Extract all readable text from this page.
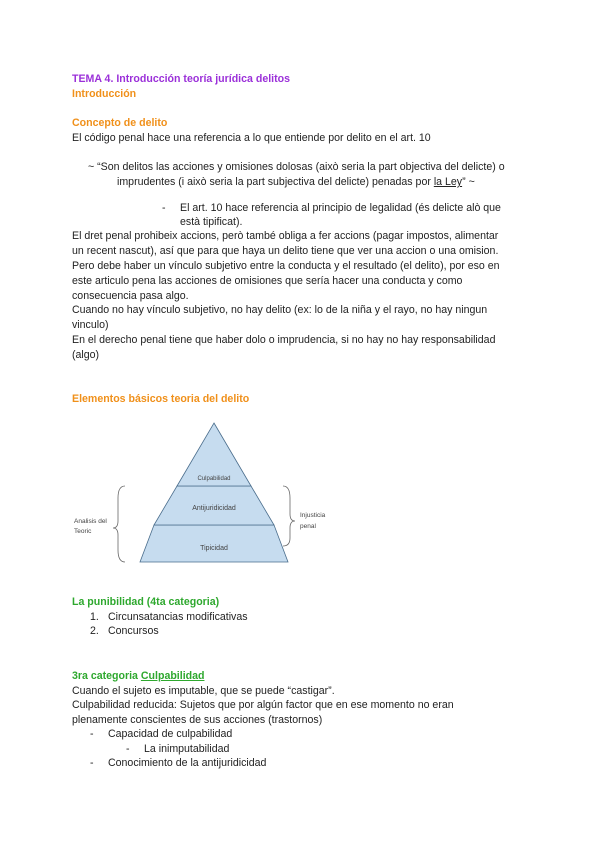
TEMA 4. Introducción teoría jurídica delitos
Introducción
Concepto de delito
El código penal hace una referencia a lo que entiende por delito en el art. 10
~ “Son delitos las acciones y omisiones dolosas (això seria la part objectiva del delicte) o
imprudentes (i això seria la part subjectiva del delicte) penadas por la Ley” ~
- El art. 10 hace referencia al principio de legalidad (és delicte alò que
està tipificat).
El dret penal prohibeix accions, però també obliga a fer accions (pagar impostos, alimentar
un recent nascut), así que para que haya un delito tiene que ver una accion o una omision.
Pero debe haber un vínculo subjetivo entre la conducta y el resultado (el delito), por eso en
este articulo pena las acciones de omisiones que sería hacer una conducta y como
consecuencia pasa algo.
Cuando no hay vínculo subjetivo, no hay delito (ex: lo de la niña y el rayo, no hay ningun
vinculo)
En el derecho penal tiene que haber dolo o imprudencia, si no hay no hay responsabilidad
(algo)
Elementos básicos teoria del delito
Analisis del
Teoric
Culpabilidad
Antijuridicidad
Tipicidad
Injusticia
penal
La punibilidad (4ta categoria)
1. Circunsatancias modificativas
2. Concursos
3ra categoria Culpabilidad
Cuando el sujeto es imputable, que se puede “castigar”.
Culpabilidad reducida: Sujetos que por algún factor que en ese momento no eran
plenamente conscientes de sus acciones (trastornos)
- Capacidad de culpabilidad
- La inimputabilidad
- Conocimiento de la antijuridicidad
